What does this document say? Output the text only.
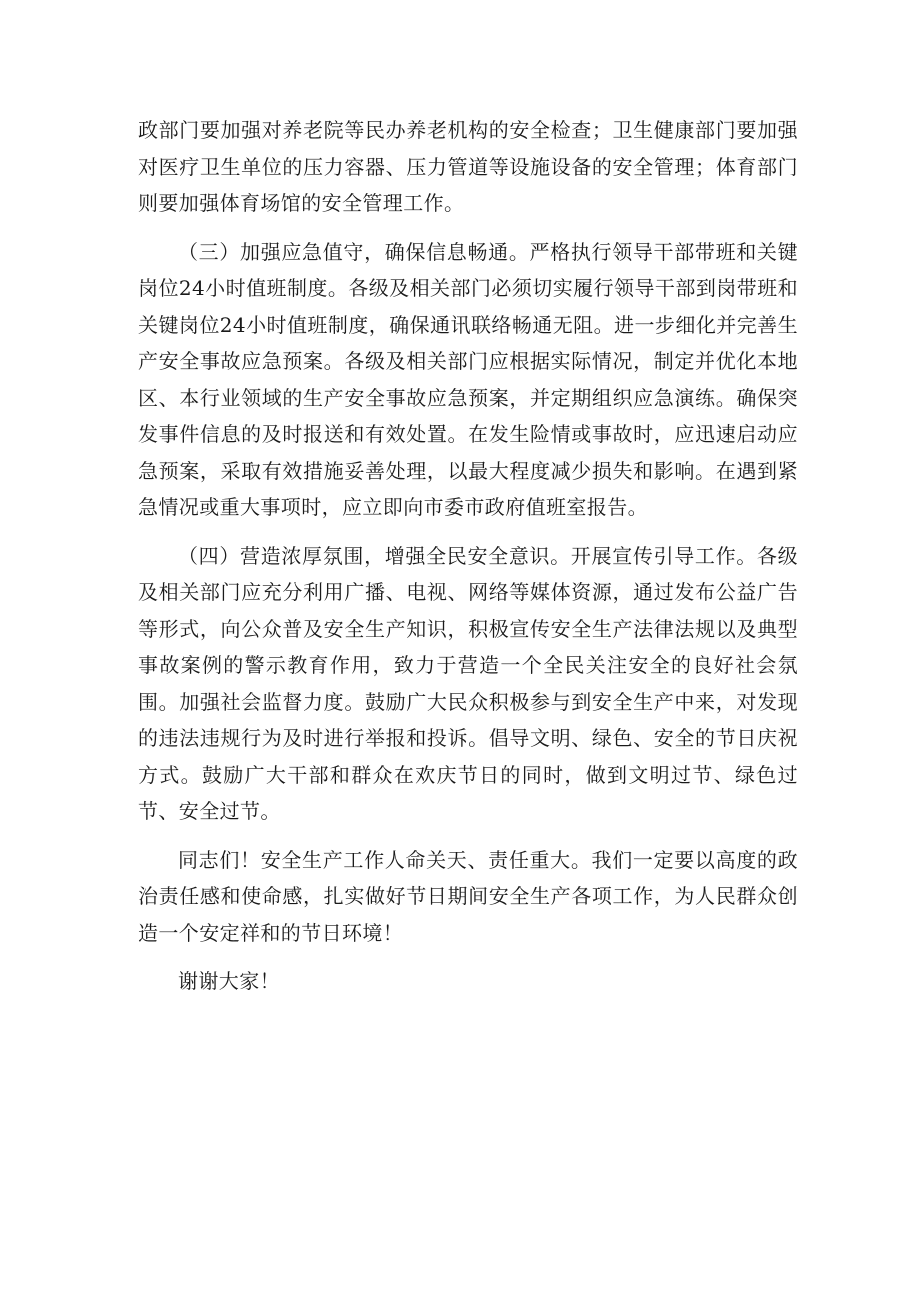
政部门要加强对养老院等民办养老机构的安全检查；卫生健康部门要加强对医疗卫生单位的压力容器、压力管道等设施设备的安全管理；体育部门则要加强体育场馆的安全管理工作。

（三）加强应急值守，确保信息畅通。严格执行领导干部带班和关键岗位24小时值班制度。各级及相关部门必须切实履行领导干部到岗带班和关键岗位24小时值班制度，确保通讯联络畅通无阻。进一步细化并完善生产安全事故应急预案。各级及相关部门应根据实际情况，制定并优化本地区、本行业领域的生产安全事故应急预案，并定期组织应急演练。确保突发事件信息的及时报送和有效处置。在发生险情或事故时，应迅速启动应急预案，采取有效措施妥善处理，以最大程度减少损失和影响。在遇到紧急情况或重大事项时，应立即向市委市政府值班室报告。

（四）营造浓厚氛围，增强全民安全意识。开展宣传引导工作。各级及相关部门应充分利用广播、电视、网络等媒体资源，通过发布公益广告等形式，向公众普及安全生产知识，积极宣传安全生产法律法规以及典型事故案例的警示教育作用，致力于营造一个全民关注安全的良好社会氛围。加强社会监督力度。鼓励广大民众积极参与到安全生产中来，对发现的违法违规行为及时进行举报和投诉。倡导文明、绿色、安全的节日庆祝方式。鼓励广大干部和群众在欢庆节日的同时，做到文明过节、绿色过节、安全过节。

同志们！安全生产工作人命关天、责任重大。我们一定要以高度的政治责任感和使命感，扎实做好节日期间安全生产各项工作，为人民群众创造一个安定祥和的节日环境！

谢谢大家！
